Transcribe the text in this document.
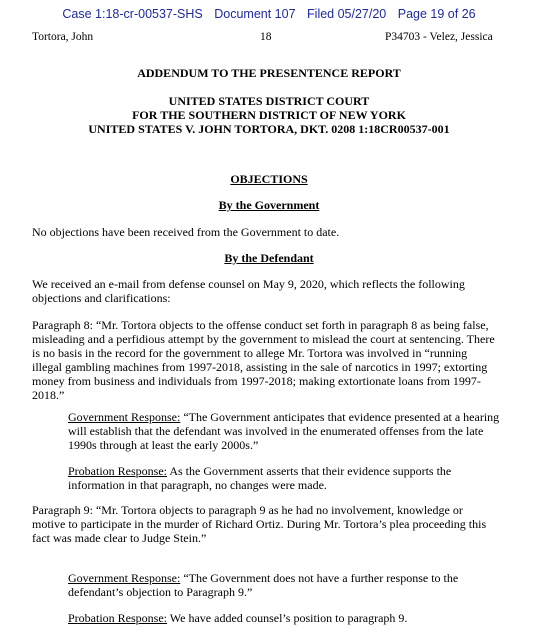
Case 1:18-cr-00537-SHS Document 107 Filed 05/27/20 Page 19 of 26
Tortora, John	18	P34703 - Velez, Jessica
ADDENDUM TO THE PRESENTENCE REPORT
UNITED STATES DISTRICT COURT
FOR THE SOUTHERN DISTRICT OF NEW YORK
UNITED STATES V. JOHN TORTORA, DKT. 0208 1:18CR00537-001
OBJECTIONS
By the Government
No objections have been received from the Government to date.
By the Defendant
We received an e-mail from defense counsel on May 9, 2020, which reflects the following
objections and clarifications:
Paragraph 8: “Mr. Tortora objects to the offense conduct set forth in paragraph 8 as being false,
misleading and a perfidious attempt by the government to mislead the court at sentencing. There
is no basis in the record for the government to allege Mr. Tortora was involved in “running
illegal gambling machines from 1997-2018, assisting in the sale of narcotics in 1997; extorting
money from business and individuals from 1997-2018; making extortionate loans from 1997-
2018.”
Government Response: “The Government anticipates that evidence presented at a hearing
will establish that the defendant was involved in the enumerated offenses from the late
1990s through at least the early 2000s.”
Probation Response: As the Government asserts that their evidence supports the
information in that paragraph, no changes were made.
Paragraph 9: “Mr. Tortora objects to paragraph 9 as he had no involvement, knowledge or
motive to participate in the murder of Richard Ortiz. During Mr. Tortora’s plea proceeding this
fact was made clear to Judge Stein.”
Government Response: “The Government does not have a further response to the
defendant’s objection to Paragraph 9.”
Probation Response: We have added counsel’s position to paragraph 9.
